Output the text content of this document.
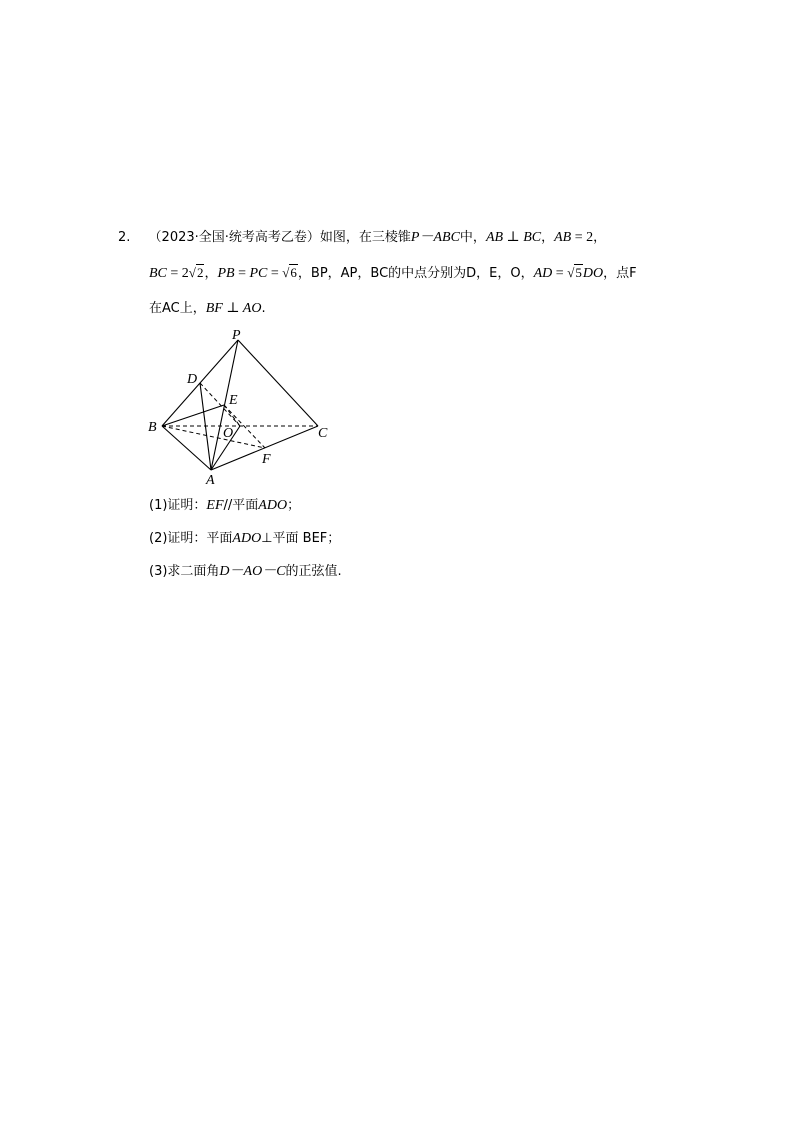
2. （2023·全国·统考高考乙卷）如图，在三棱锥P－ABC中，AB ⊥ BC，AB = 2，
BC = 2√2，PB = PC = √6，BP，AP，BC的中点分别为D，E，O，AD = √5DO，点F
在AC上，BF ⊥ AO.
P
D
E
B	O	C
F
A
(1)证明：EF//平面ADO；
(2)证明：平面ADO⊥平面 BEF；
(3)求二面角D－AO－C的正弦值.
